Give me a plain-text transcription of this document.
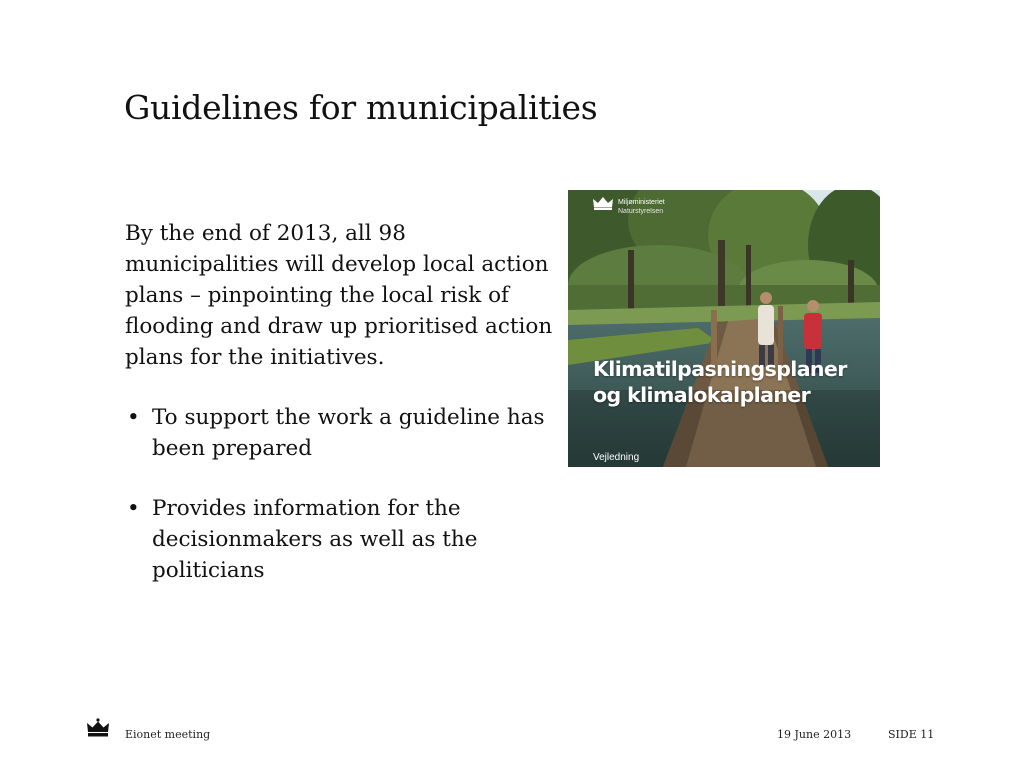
Guidelines for municipalities

By the end of 2013, all 98 municipalities will develop local action plans – pinpointing the local risk of flooding and draw up prioritised action plans for the initiatives.

• To support the work a guideline has been prepared
• Provides information for the decisionmakers as well as the politicians
Miljøministeriet
Naturstyrelsen
Klimatilpasningsplaner
og klimalokalplaner
Vejledning
Eionet meeting	19 June 2013	SIDE 11
